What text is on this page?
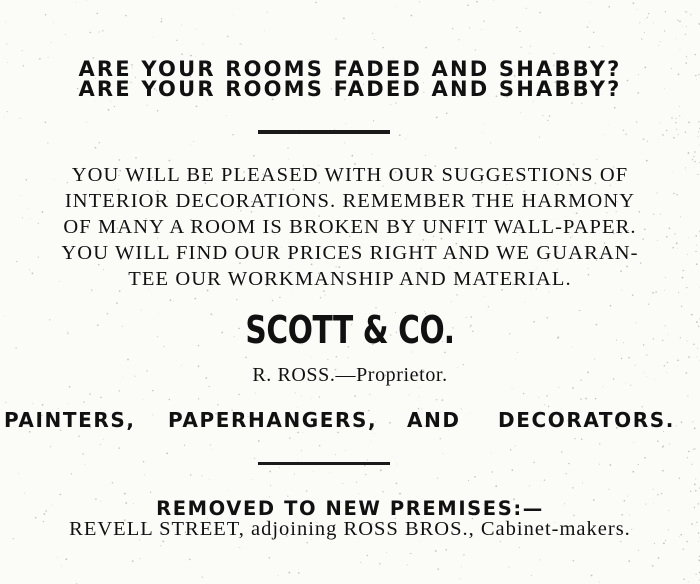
ARE YOUR ROOMS FADED AND SHABBY?
ARE YOUR ROOMS FADED AND SHABBY?
YOU WILL BE PLEASED WITH OUR SUGGESTIONS OF
INTERIOR DECORATIONS. REMEMBER THE HARMONY
OF MANY A ROOM IS BROKEN BY UNFIT WALL-PAPER.
YOU WILL FIND OUR PRICES RIGHT AND WE GUARAN-
TEE OUR WORKMANSHIP AND MATERIAL.
SCOTT & CO.
R. ROSS.—Proprietor.
PAINTERS, PAPERHANGERS, AND DECORATORS.
REMOVED TO NEW PREMISES:—
REVELL STREET, adjoining ROSS BROS., Cabinet-makers.
